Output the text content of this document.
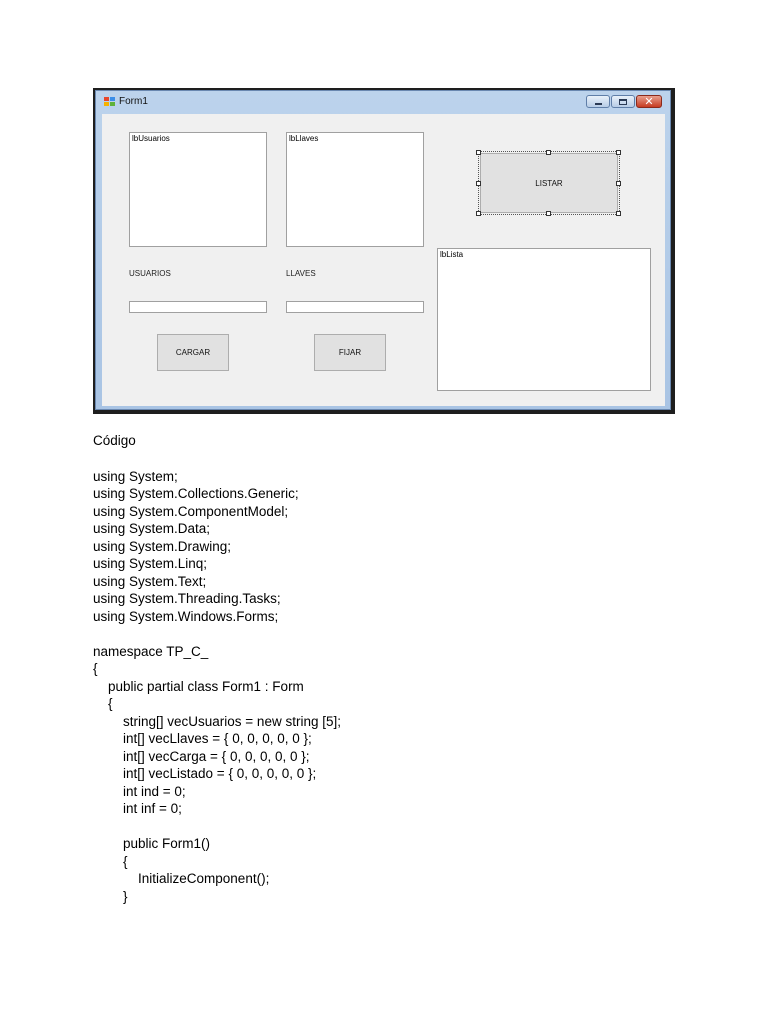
Form1	✕
lbUsuarios	lbLlaves
USUARIOS	LLAVES
CARGAR	FIJAR
LISTAR
lbLista
Código
using System;
using System.Collections.Generic;
using System.ComponentModel;
using System.Data;
using System.Drawing;
using System.Linq;
using System.Text;
using System.Threading.Tasks;
using System.Windows.Forms;
namespace TP_C_
{
public partial class Form1 : Form
{
string[] vecUsuarios = new string [5];
int[] vecLlaves = { 0, 0, 0, 0, 0 };
int[] vecCarga = { 0, 0, 0, 0, 0 };
int[] vecListado = { 0, 0, 0, 0, 0 };
int ind = 0;
int inf = 0;
public Form1()
{
InitializeComponent();
}
